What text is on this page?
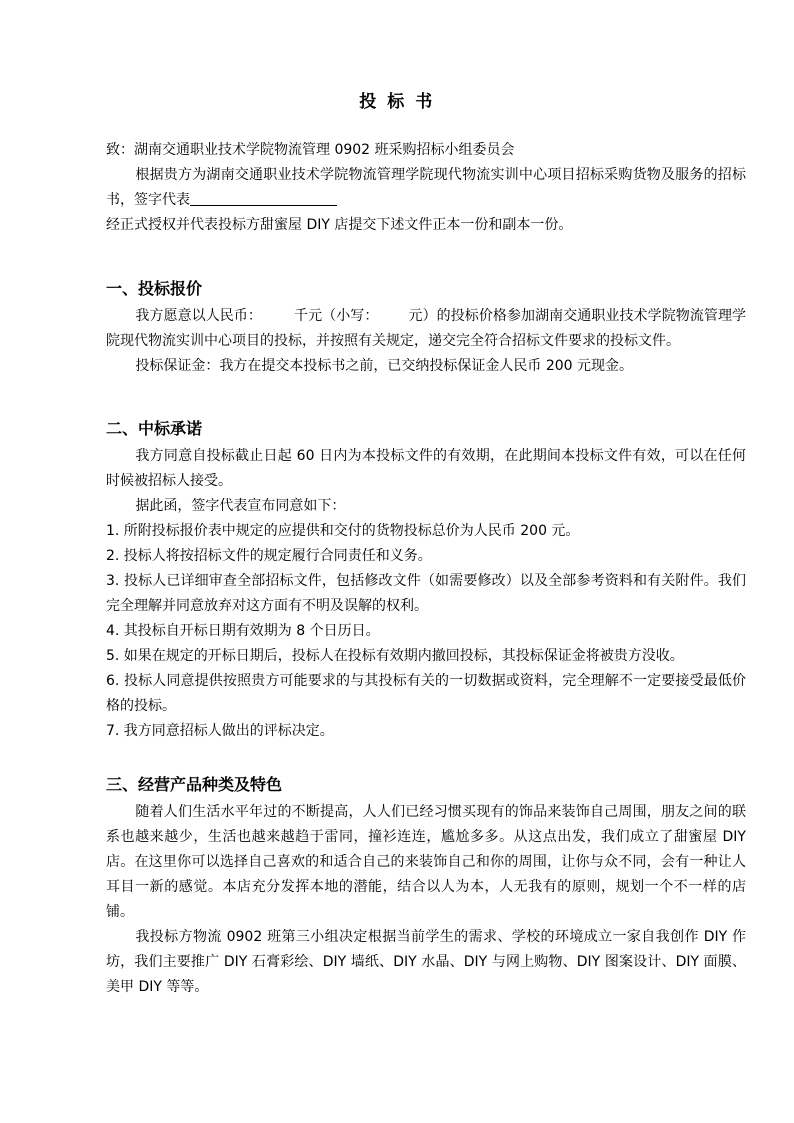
投 标 书

致：湖南交通职业技术学院物流管理 0902 班采购招标小组委员会

根据贵方为湖南交通职业技术学院物流管理学院现代物流实训中心项目招标采购货物及服务的招标书，签字代表

经正式授权并代表投标方甜蜜屋 DIY 店提交下述文件正本一份和副本一份。

一、投标报价

我方愿意以人民币： 千元（小写： 元）的投标价格参加湖南交通职业技术学院物流管理学院现代物流实训中心项目的投标，并按照有关规定，递交完全符合招标文件要求的投标文件。

投标保证金：我方在提交本投标书之前，已交纳投标保证金人民币 200 元现金。

二、中标承诺

我方同意自投标截止日起 60 日内为本投标文件的有效期，在此期间本投标文件有效，可以在任何时候被招标人接受。

据此函，签字代表宣布同意如下：

1. 所附投标报价表中规定的应提供和交付的货物投标总价为人民币 200 元。

2. 投标人将按招标文件的规定履行合同责任和义务。

3. 投标人已详细审查全部招标文件，包括修改文件（如需要修改）以及全部参考资料和有关附件。我们完全理解并同意放弃对这方面有不明及误解的权利。

4. 其投标自开标日期有效期为 8 个日历日。

5. 如果在规定的开标日期后，投标人在投标有效期内撤回投标，其投标保证金将被贵方没收。

6. 投标人同意提供按照贵方可能要求的与其投标有关的一切数据或资料，完全理解不一定要接受最低价格的投标。

7. 我方同意招标人做出的评标决定。

三、经营产品种类及特色

随着人们生活水平年过的不断提高，人人们已经习惯买现有的饰品来装饰自己周围，朋友之间的联系也越来越少，生活也越来越趋于雷同，撞衫连连，尴尬多多。从这点出发，我们成立了甜蜜屋 DIY 店。在这里你可以选择自己喜欢的和适合自己的来装饰自己和你的周围，让你与众不同，会有一种让人耳目一新的感觉。本店充分发挥本地的潜能，结合以人为本，人无我有的原则，规划一个不一样的店铺。

我投标方物流 0902 班第三小组决定根据当前学生的需求、学校的环境成立一家自我创作 DIY 作坊，我们主要推广 DIY 石膏彩绘、DIY 墙纸、DIY 水晶、DIY 与网上购物、DIY 图案设计、DIY 面膜、美甲 DIY 等等。
